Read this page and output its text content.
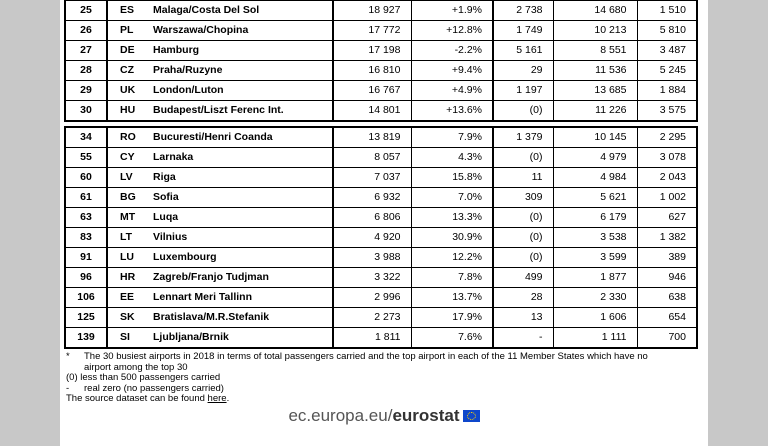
25	ES	Malaga/Costa Del Sol	18 927	+1.9%	2 738	14 680	1 510
26	PL	Warszawa/Chopina	17 772	+12.8%	1 749	10 213	5 810
27	DE	Hamburg	17 198	-2.2%	5 161	8 551	3 487
28	CZ	Praha/Ruzyne	16 810	+9.4%	29	11 536	5 245
29	UK	London/Luton	16 767	+4.9%	1 197	13 685	1 884
30	HU	Budapest/Liszt Ferenc Int.	14 801	+13.6%	(0)	11 226	3 575
34	RO	Bucuresti/Henri Coanda	13 819	7.9%	1 379	10 145	2 295
55	CY	Larnaka	8 057	4.3%	(0)	4 979	3 078
60	LV	Riga	7 037	15.8%	11	4 984	2 043
61	BG	Sofia	6 932	7.0%	309	5 621	1 002
63	MT	Luqa	6 806	13.3%	(0)	6 179	627
83	LT	Vilnius	4 920	30.9%	(0)	3 538	1 382
91	LU	Luxembourg	3 988	12.2%	(0)	3 599	389
96	HR	Zagreb/Franjo Tudjman	3 322	7.8%	499	1 877	946
106	EE	Lennart Meri Tallinn	2 996	13.7%	28	2 330	638
125	SK	Bratislava/M.R.Stefanik	2 273	17.9%	13	1 606	654
139	SI	Ljubljana/Brnik	1 811	7.6%	-	1 111	700
*	The 30 busiest airports in 2018 in terms of total passengers carried and the top airport in each of the 11 Member States which have no
airport among the top 30
(0) less than 500 passengers carried
-	real zero (no passengers carried)
The source dataset can be found here.
ec.europa.eu/eurostat
